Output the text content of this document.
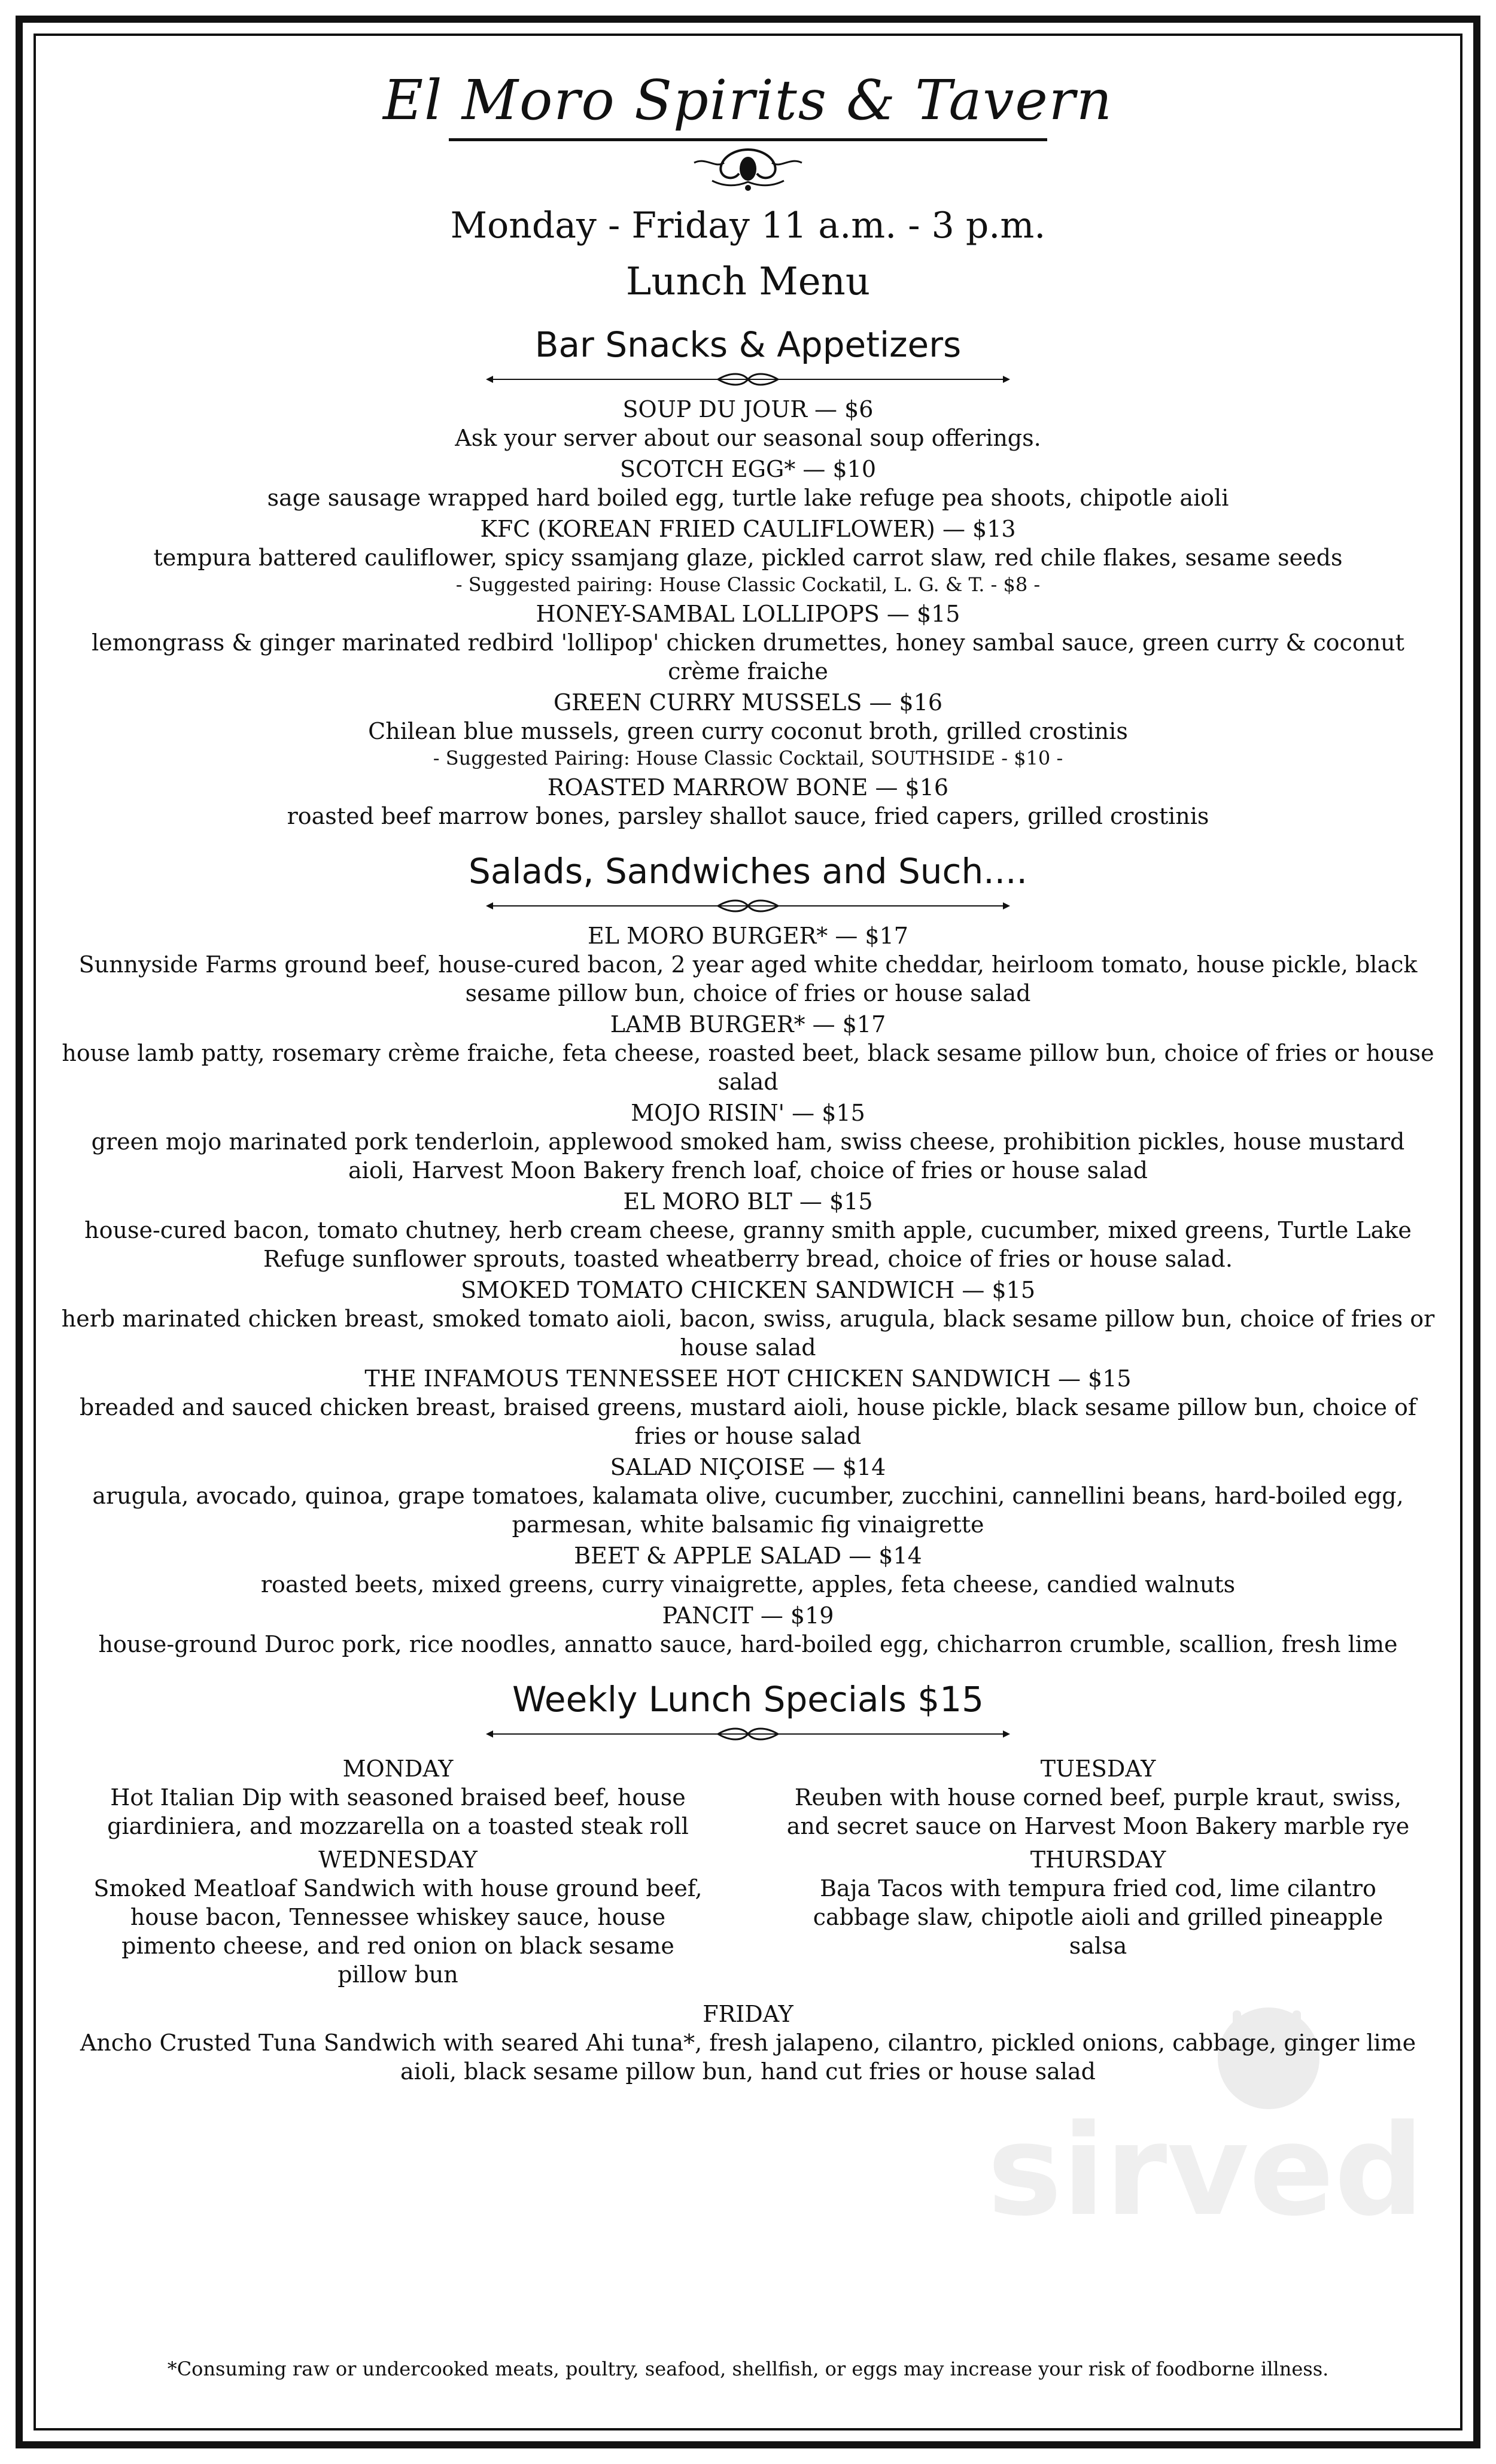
sirved
El Moro Spirits & Tavern
Monday - Friday 11 a.m. - 3 p.m.
Lunch Menu
Bar Snacks & Appetizers
SOUP DU JOUR — $6
Ask your server about our seasonal soup offerings.
SCOTCH EGG* — $10
sage sausage wrapped hard boiled egg, turtle lake refuge pea shoots, chipotle aioli
KFC (KOREAN FRIED CAULIFLOWER) — $13
tempura battered cauliflower, spicy ssamjang glaze, pickled carrot slaw, red chile flakes, sesame seeds
- Suggested pairing: House Classic Cockatil, L. G. & T. - $8 -
HONEY-SAMBAL LOLLIPOPS — $15
lemongrass & ginger marinated redbird 'lollipop' chicken drumettes, honey sambal sauce, green curry & coconut crème fraiche
GREEN CURRY MUSSELS — $16
Chilean blue mussels, green curry coconut broth, grilled crostinis
- Suggested Pairing: House Classic Cocktail, SOUTHSIDE - $10 -
ROASTED MARROW BONE — $16
roasted beef marrow bones, parsley shallot sauce, fried capers, grilled crostinis
Salads, Sandwiches and Such....
EL MORO BURGER* — $17
Sunnyside Farms ground beef, house-cured bacon, 2 year aged white cheddar, heirloom tomato, house pickle, black sesame pillow bun, choice of fries or house salad
LAMB BURGER* — $17
house lamb patty, rosemary crème fraiche, feta cheese, roasted beet, black sesame pillow bun, choice of fries or house salad
MOJO RISIN' — $15
green mojo marinated pork tenderloin, applewood smoked ham, swiss cheese, prohibition pickles, house mustard aioli, Harvest Moon Bakery french loaf, choice of fries or house salad
EL MORO BLT — $15
house-cured bacon, tomato chutney, herb cream cheese, granny smith apple, cucumber, mixed greens, Turtle Lake Refuge sunflower sprouts, toasted wheatberry bread, choice of fries or house salad.
SMOKED TOMATO CHICKEN SANDWICH — $15
herb marinated chicken breast, smoked tomato aioli, bacon, swiss, arugula, black sesame pillow bun, choice of fries or house salad
THE INFAMOUS TENNESSEE HOT CHICKEN SANDWICH — $15
breaded and sauced chicken breast, braised greens, mustard aioli, house pickle, black sesame pillow bun, choice of fries or house salad
SALAD NIÇOISE — $14
arugula, avocado, quinoa, grape tomatoes, kalamata olive, cucumber, zucchini, cannellini beans, hard-boiled egg, parmesan, white balsamic fig vinaigrette
BEET & APPLE SALAD — $14
roasted beets, mixed greens, curry vinaigrette, apples, feta cheese, candied walnuts
PANCIT — $19
house-ground Duroc pork, rice noodles, annatto sauce, hard-boiled egg, chicharron crumble, scallion, fresh lime
Weekly Lunch Specials $15
MONDAY
Hot Italian Dip with seasoned braised beef, house giardiniera, and mozzarella on a toasted steak roll
TUESDAY
Reuben with house corned beef, purple kraut, swiss, and secret sauce on Harvest Moon Bakery marble rye
WEDNESDAY
Smoked Meatloaf Sandwich with house ground beef, house bacon, Tennessee whiskey sauce, house pimento cheese, and red onion on black sesame pillow bun
THURSDAY
Baja Tacos with tempura fried cod, lime cilantro cabbage slaw, chipotle aioli and grilled pineapple salsa
FRIDAY
Ancho Crusted Tuna Sandwich with seared Ahi tuna*, fresh jalapeno, cilantro, pickled onions, cabbage, ginger lime aioli, black sesame pillow bun, hand cut fries or house salad
*Consuming raw or undercooked meats, poultry, seafood, shellfish, or eggs may increase your risk of foodborne illness.
